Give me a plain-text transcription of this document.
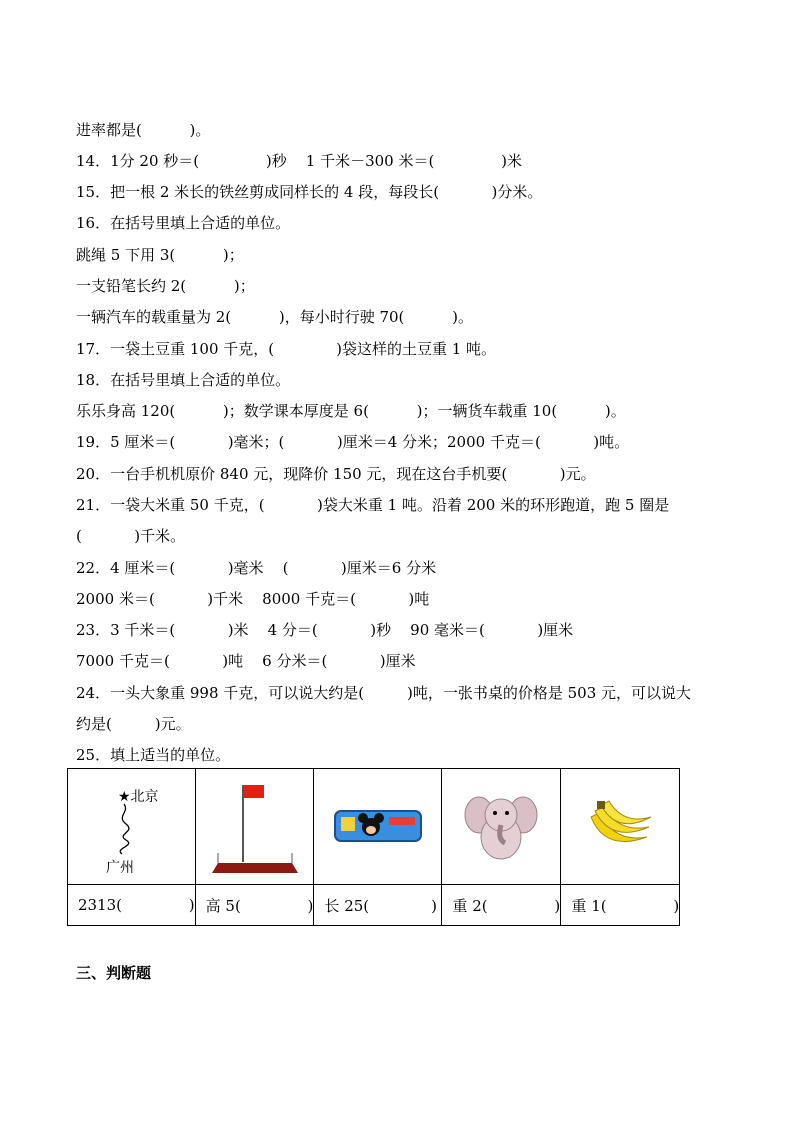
进率都是(          )。
14．1分 20 秒＝(              )秒    1 千米－300 米＝(              )米
15．把一根 2 米长的铁丝剪成同样长的 4 段，每段长(           )分米。
16．在括号里填上合适的单位。
跳绳 5 下用 3(          )；
一支铅笔长约 2(          )；
一辆汽车的载重量为 2(          )，每小时行驶 70(          )。
17．一袋土豆重 100 千克，(             )袋这样的土豆重 1 吨。
18．在括号里填上合适的单位。
乐乐身高 120(          )；数学课本厚度是 6(          )；一辆货车载重 10(          )。
19．5 厘米＝(           )毫米；(           )厘米＝4 分米；2000 千克＝(           )吨。
20．一台手机机原价 840 元，现降价 150 元，现在这台手机要(           )元。
21．一袋大米重 50 千克，(           )袋大米重 1 吨。沿着 200 米的环形跑道，跑 5 圈是
(           )千米。
22．4 厘米＝(           )毫米    (           )厘米＝6 分米
2000 米＝(           )千米    8000 千克＝(           )吨
23．3 千米＝(           )米    4 分＝(           )秒    90 毫米＝(           )厘米
7000 千克＝(           )吨    6 分米＝(           )厘米
24．一头大象重 998 千克，可以说大约是(         )吨，一张书桌的价格是 503 元，可以说大
约是(         )元。
25．填上适当的单位。
★北京
广州

2313(              )	高 5(              )	长 25(             )	重 2(              )	重 1(              )
三、判断题
